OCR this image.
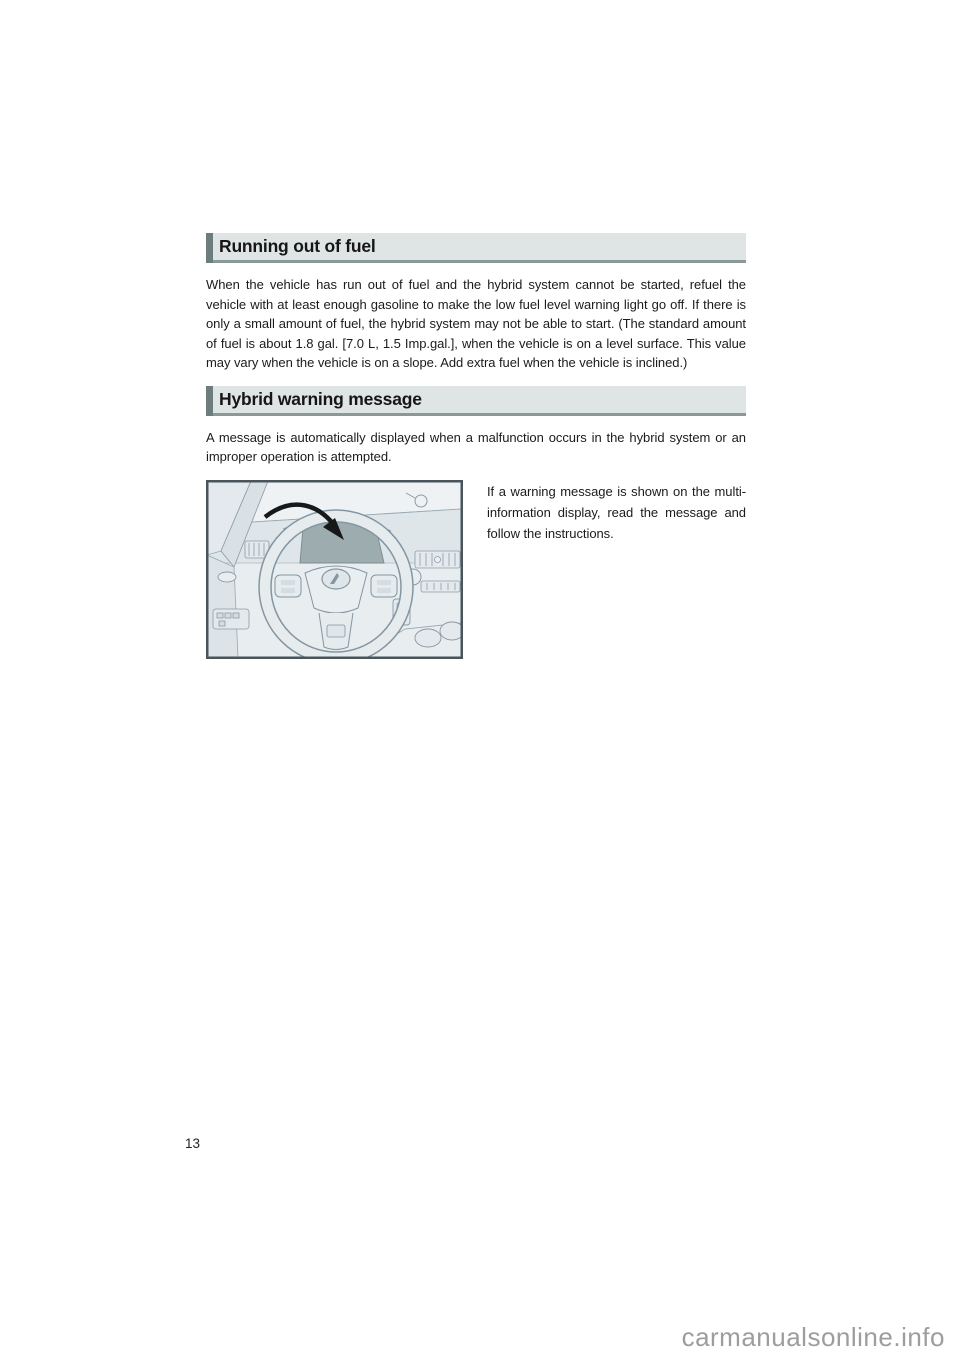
Running out of fuel

When the vehicle has run out of fuel and the hybrid system cannot be started, refuel the vehicle with at least enough gasoline to make the low fuel level warning light go off. If there is only a small amount of fuel, the hybrid system may not be able to start. (The standard amount of fuel is about 1.8 gal. [7.0 L, 1.5 Imp.gal.], when the vehicle is on a level surface. This value may vary when the vehicle is on a slope. Add extra fuel when the vehicle is inclined.)

Hybrid warning message

A message is automatically displayed when a malfunction occurs in the hybrid system or an improper operation is attempted.

If a warning message is shown on the multi-information display, read the message and follow the instructions.

13
carmanualsonline.info
